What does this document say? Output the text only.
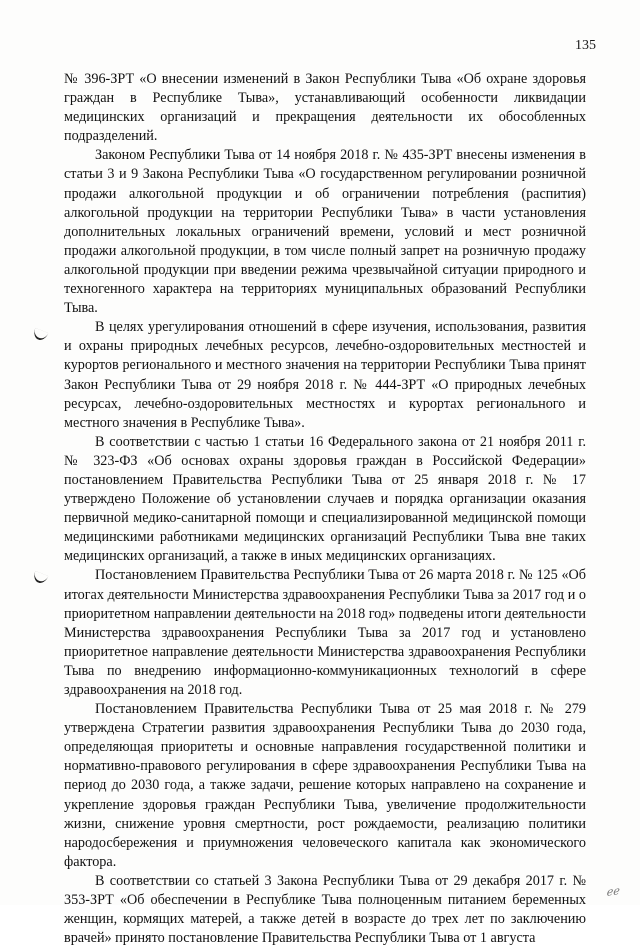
135

№ 396-ЗРТ «О внесении изменений в Закон Республики Тыва «Об охране здоровья граждан в Республике Тыва», устанавливающий особенности ликвидации медицинских организаций и прекращения деятельности их обособленных подразделений.

Законом Республики Тыва от 14 ноября 2018 г. № 435-ЗРТ внесены изменения в статьи 3 и 9 Закона Республики Тыва «О государственном регулировании розничной продажи алкогольной продукции и об ограничении потребления (распития) алкогольной продукции на территории Республики Тыва» в части установления дополнительных локальных ограничений времени, условий и мест розничной продажи алкогольной продукции, в том числе полный запрет на розничную продажу алкогольной продукции при введении режима чрезвычайной ситуации природного и техногенного характера на территориях муниципальных образований Республики Тыва.

В целях урегулирования отношений в сфере изучения, использования, развития и охраны природных лечебных ресурсов, лечебно-оздоровительных местностей и курортов регионального и местного значения на территории Республики Тыва принят Закон Республики Тыва от 29 ноября 2018 г. № 444-ЗРТ «О природных лечебных ресурсах, лечебно-оздоровительных местностях и курортах регионального и местного значения в Республике Тыва».

В соответствии с частью 1 статьи 16 Федерального закона от 21 ноября 2011 г. № 323-ФЗ «Об основах охраны здоровья граждан в Российской Федерации» постановлением Правительства Республики Тыва от 25 января 2018 г. № 17 утверждено Положение об установлении случаев и порядка организации оказания первичной медико-санитарной помощи и специализированной медицинской помощи медицинскими работниками медицинских организаций Республики Тыва вне таких медицинских организаций, а также в иных медицинских организациях.

Постановлением Правительства Республики Тыва от 26 марта 2018 г. № 125 «Об итогах деятельности Министерства здравоохранения Республики Тыва за 2017 год и о приоритетном направлении деятельности на 2018 год» подведены итоги деятельности Министерства здравоохранения Республики Тыва за 2017 год и установлено приоритетное направление деятельности Министерства здравоохранения Республики Тыва по внедрению информационно-коммуникационных технологий в сфере здравоохранения на 2018 год.

Постановлением Правительства Республики Тыва от 25 мая 2018 г. № 279 утверждена Стратегии развития здравоохранения Республики Тыва до 2030 года, определяющая приоритеты и основные направления государственной политики и нормативно-правового регулирования в сфере здравоохранения Республики Тыва на период до 2030 года, а также задачи, решение которых направлено на сохранение и укрепление здоровья граждан Республики Тыва, увеличение продолжительности жизни, снижение уровня смертности, рост рождаемости, реализацию политики народосбережения и приумножения человеческого капитала как экономического фактора.

В соответствии со статьей 3 Закона Республики Тыва от 29 декабря 2017 г. № 353-ЗРТ «Об обеспечении в Республике Тыва полноценным питанием беременных женщин, кормящих матерей, а также детей в возрасте до трех лет по заключению врачей» принято постановление Правительства Республики Тыва от 1 августа

ℯℯ
